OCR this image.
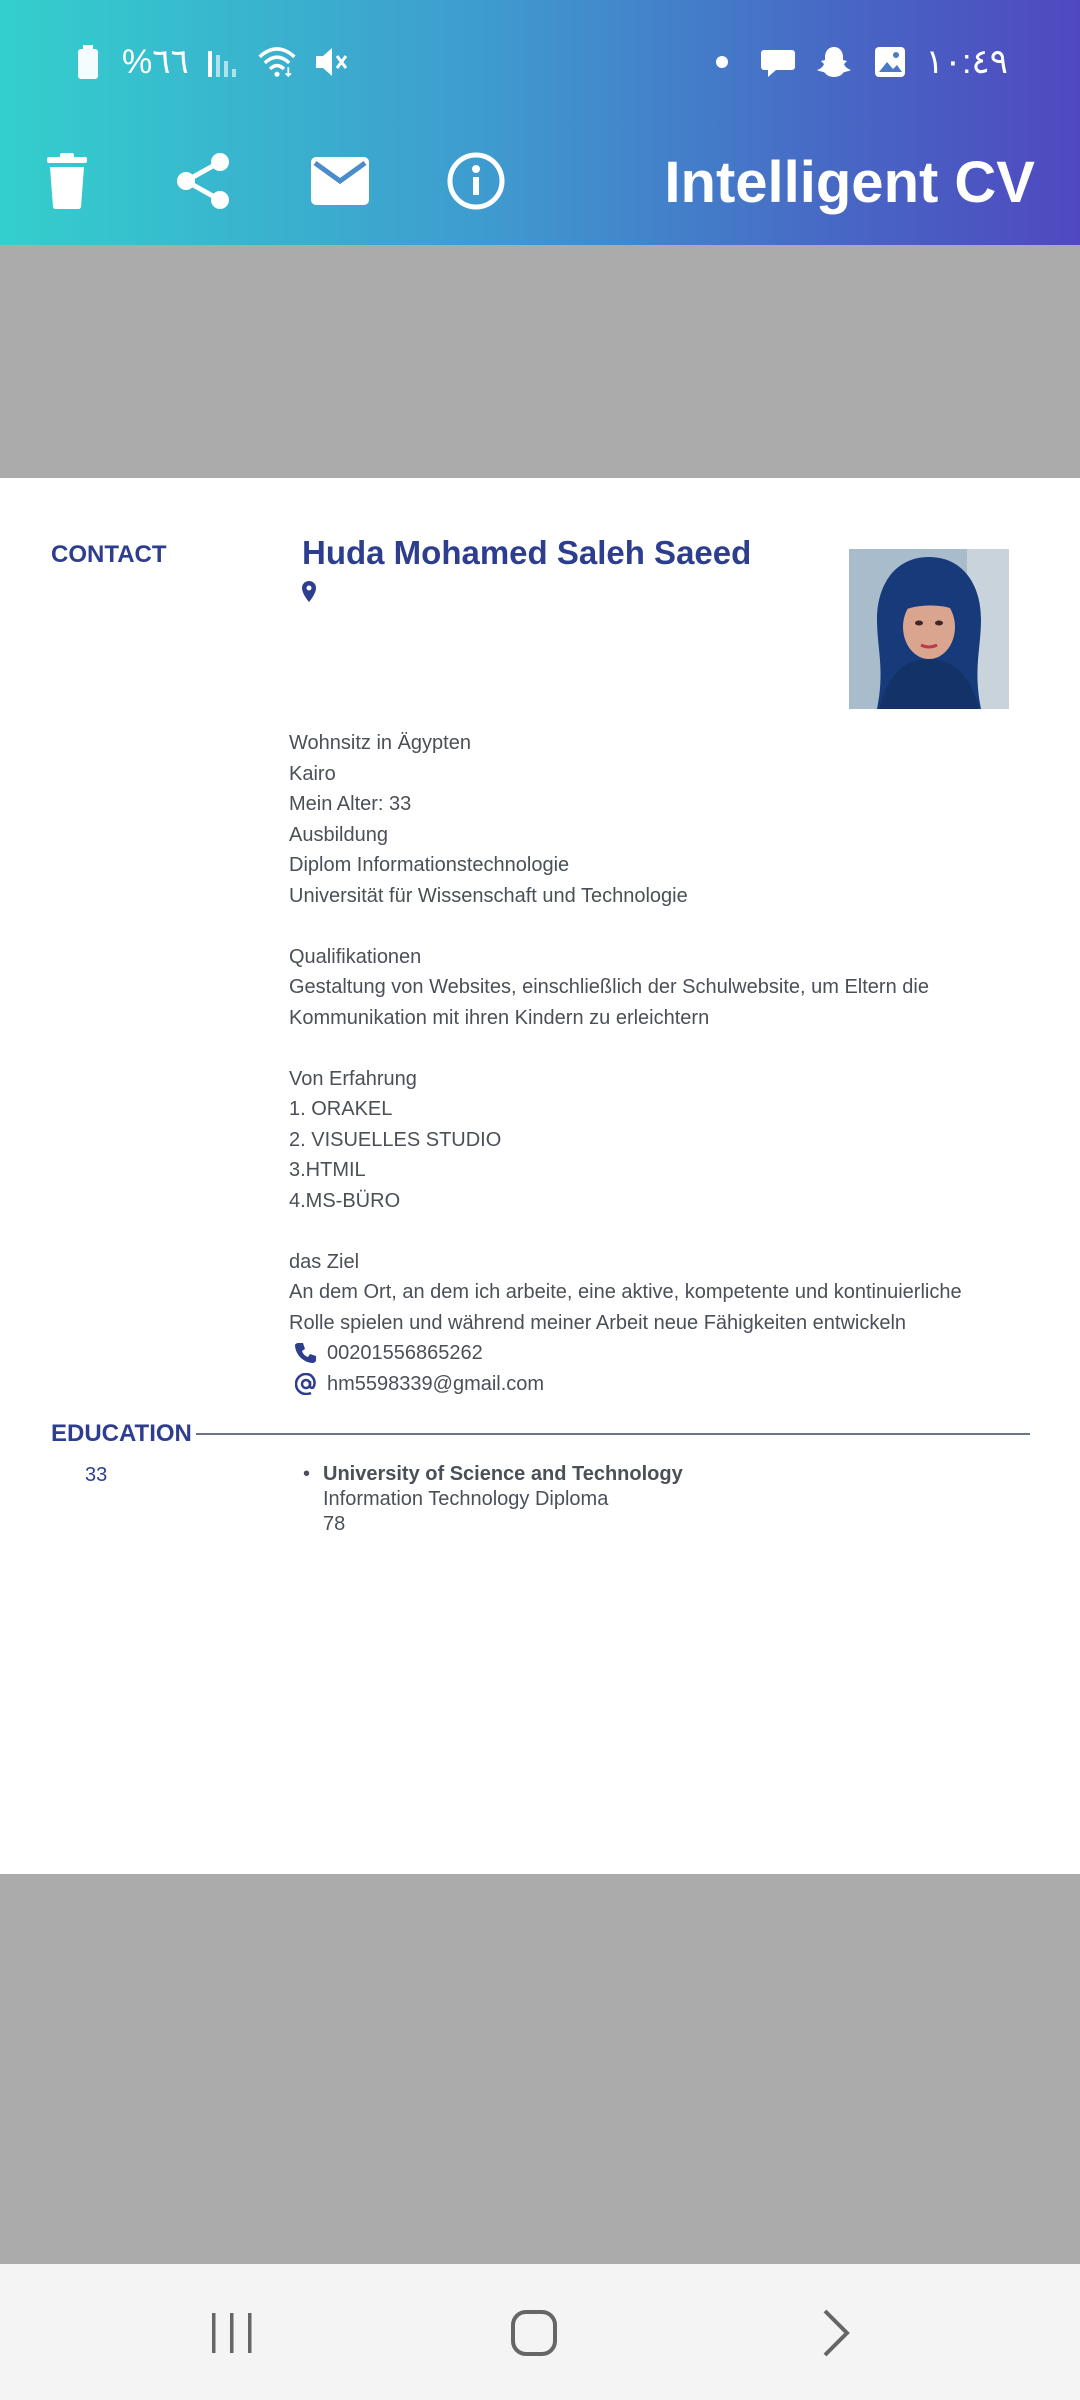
%٦٦	١٠:٤٩
Intelligent CV
CONTACT	Huda Mohamed Saleh Saeed
Wohnsitz in Ägypten
Kairo
Mein Alter: 33
Ausbildung
Diplom Informationstechnologie
Universität für Wissenschaft und Technologie
Qualifikationen
Gestaltung von Websites, einschließlich der Schulwebsite, um Eltern die
Kommunikation mit ihren Kindern zu erleichtern
Von Erfahrung
1. ORAKEL
2. VISUELLES STUDIO
3.HTMIL
4.MS-BÜRO
das Ziel
An dem Ort, an dem ich arbeite, eine aktive, kompetente und kontinuierliche
Rolle spielen und während meiner Arbeit neue Fähigkeiten entwickeln
00201556865262
hm5598339@gmail.com
EDUCATION
33	• University of Science and Technology
Information Technology Diploma
78
